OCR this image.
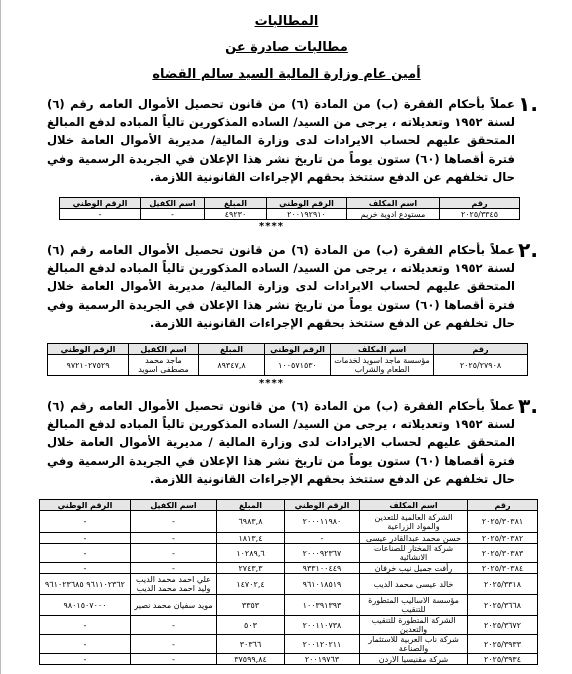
المطالبات
مطالبات صادرة عن
أمين عام وزارة المالية السيد سالم القضاه
١.
عملاً بأحكام الفقرة (ب) من المادة (٦) من قانون تحصيل الأموال العامه رقم (٦) لسنة ١٩٥٢ وتعديلاته ، يرجى من السيد/ الساده المذكورين تالياً المباده لدفع المبالغ المتحقق عليهم لحساب الايرادات لدى وزارة المالية/ مديرية الأموال العامة خلال فترة أقصاها (٦٠) ستون يوماً من تاريخ نشر هذا الإعلان في الجريدة الرسمية وفي حال تخلفهم عن الدفع ستتخذ بحقهم الإجراءات القانونية اللازمة.
رقم	اسم المكلف	الرقم الوطني	المبلغ	اسم الكفيل	الرقم الوطني
٢٠٢٥/٣٣٤٥	مستودع ادوية خريم	٢٠٠١٩٢٩١٠	٤٩٢٣٠	-	-
****
٢.
عملاً بأحكام الفقرة (ب) من المادة (٦) من قانون تحصيل الأموال العامه رقم (٦) لسنة ١٩٥٢ وتعديلاته ، يرجى من السيد/ الساده المذكورين تالياً المباده لدفع المبالغ المتحقق عليهم لحساب الايرادات لدى وزارة المالية/ مديرية الأموال العامة خلال فترة أقصاها (٦٠) ستون يوماً من تاريخ نشر هذا الإعلان في الجريدة الرسمية وفي حال تخلفهم عن الدفع ستتخذ بحقهم الإجراءات القانونية اللازمة.
رقم	اسم المكلف	الرقم الوطني	المبلغ	اسم الكفيل	الرقم الوطني
٢٠٢٥/٢٧٩٠٨	مؤسسة ماجد اسويد لخدمات الطعام والشراب	١٠٠٥٧١٥٣٠	٨٩٣٤٧,٨	ماجد محمد مصطفى اسويد	٩٧٢١٠٢٧٥٢٩
****
٣.
عملاً بأحكام الفقرة (ب) من المادة (٦) من قانون تحصيل الأموال العامه رقم (٦) لسنة ١٩٥٢ وتعديلاته ، يرجى من السيد/ الساده المذكورين تالياً المباده لدفع المبالغ المتحقق عليهم لحساب الايرادات لدى وزارة المالية / مديرية الأموال العامة خلال فترة أقصاها (٦٠) ستون يوماً من تاريخ نشر هذا الإعلان في الجريدة الرسمية وفي حال تخلفهم عن الدفع ستتخذ بحقهم الإجراءات القانونية اللازمة.
رقم	اسم المكلف	الرقم الوطني	المبلغ	اسم الكفيل	الرقم الوطني
٢٠٢٥/٣٠٣٨١	الشركة العالمية للتعدين والمواد الزراعية	٢٠٠٠١١٩٨٠	٦٩٨٣,٨	-	-
٢٠٢٥/٣٠٣٨٢	حسن محمد عبدالقادر عيسى	-	١٨١٣,٤	-	-
٢٠٢٥/٣٠٣٨٣	شركة المختار للصناعات الانشائية	٢٠٠٠٩٢٣٦٧	١٠٢٨٩,٦	-	-
٢٠٢٥/٣٠٣٨٤	رأفت جميل نيب خرفان	٩٣٣١٠٠٤٤٩	٢٧٤٣,٣	-	-
٢٠٢٥/٣٣١٨	خالد عيسى محمد الديب	٩٦١٠١٨٥١٩	١٤٧٠٢,٤	علي احمد محمد الديب وليد احمد محمد الديب	٩٦١١٠٢٣٦٢ ٩٦١٠٢٣٦٨٥
٢٠٢٥/٣٦٦٨	مؤسسة الاساليب المتطورة للتنقيب	١٠٠٣٩١٣٩٣	٣٣٥٣	مويد سفيان محمد نصير	٩٨٠١٥٠٧٠٠٠
٢٠٢٥/٣٦٧٢	الشركة المتطورة للتنقيب والتعدين	٢٠٠١١٠٧٣٨	٥٠٣	-	-
٢٠٢٥/٣٩٣٣	شركة ناب العربية للاستثمار والصناعة	٢٠٠١٢٠٢١١	٣٠٣٦٦	-	-
٢٠٢٥/٣٩٣٤	شركة مقنيسيا الاردن	٢٠٠١٩٧٦٣	٣٧٥٩٩,٨٤	-	-
